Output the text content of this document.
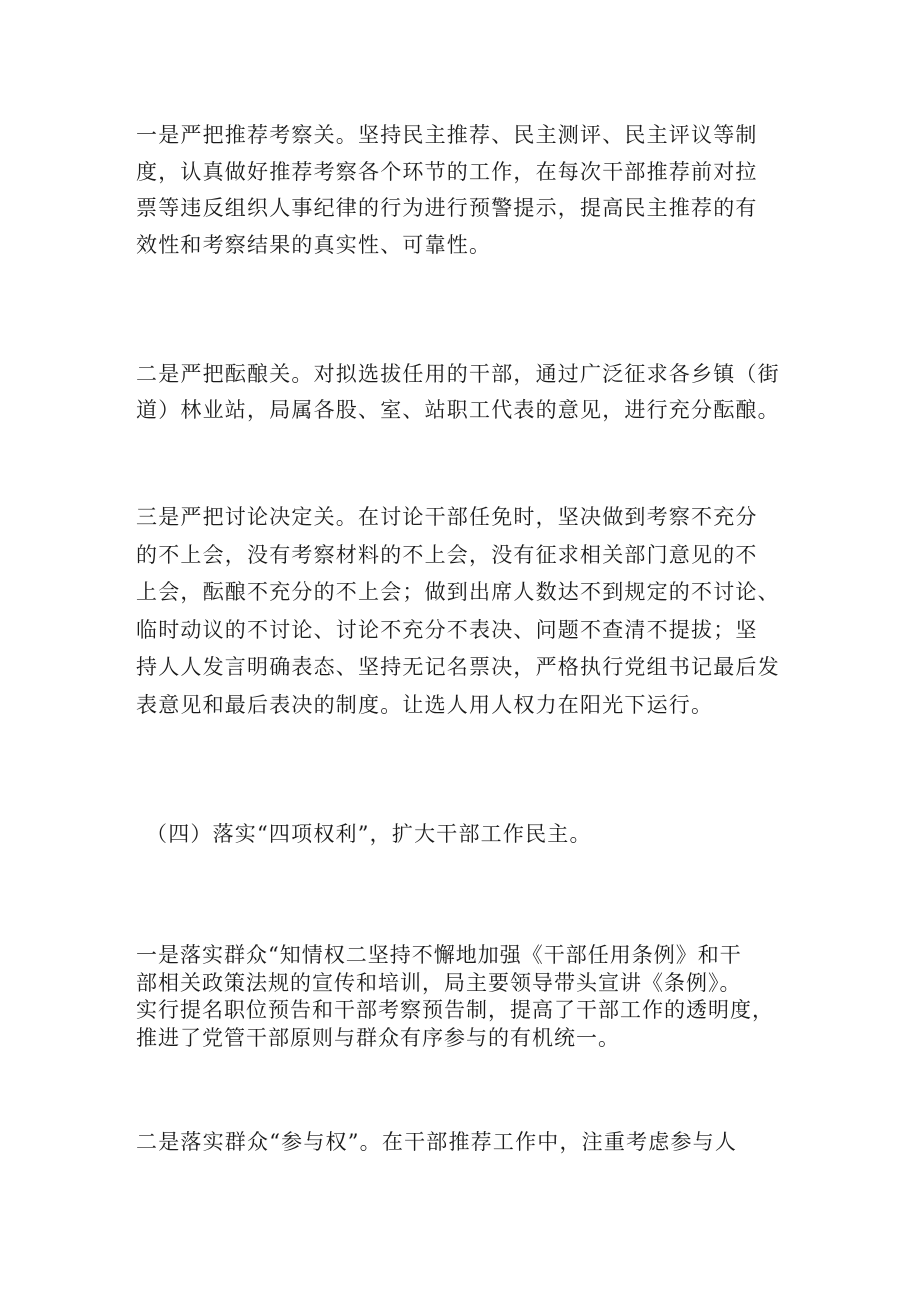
一是严把推荐考察关。坚持民主推荐、民主测评、民主评议等制
度，认真做好推荐考察各个环节的工作，在每次干部推荐前对拉
票等违反组织人事纪律的行为进行预警提示，提高民主推荐的有
效性和考察结果的真实性、可靠性。

二是严把酝酿关。对拟选拔任用的干部，通过广泛征求各乡镇（街
道）林业站，局属各股、室、站职工代表的意见，进行充分酝酿。

三是严把讨论决定关。在讨论干部任免时，坚决做到考察不充分
的不上会，没有考察材料的不上会，没有征求相关部门意见的不
上会，酝酿不充分的不上会；做到出席人数达不到规定的不讨论、
临时动议的不讨论、讨论不充分不表决、问题不查清不提拔；坚
持人人发言明确表态、坚持无记名票决，严格执行党组书记最后发
表意见和最后表决的制度。让选人用人权力在阳光下运行。

（四）落实“四项权利”，扩大干部工作民主。

一是落实群众“知情权二坚持不懈地加强《干部任用条例》和干
部相关政策法规的宣传和培训，局主要领导带头宣讲《条例》。
实行提名职位预告和干部考察预告制，提高了干部工作的透明度，
推进了党管干部原则与群众有序参与的有机统一。

二是落实群众“参与权”。在干部推荐工作中，注重考虑参与人
